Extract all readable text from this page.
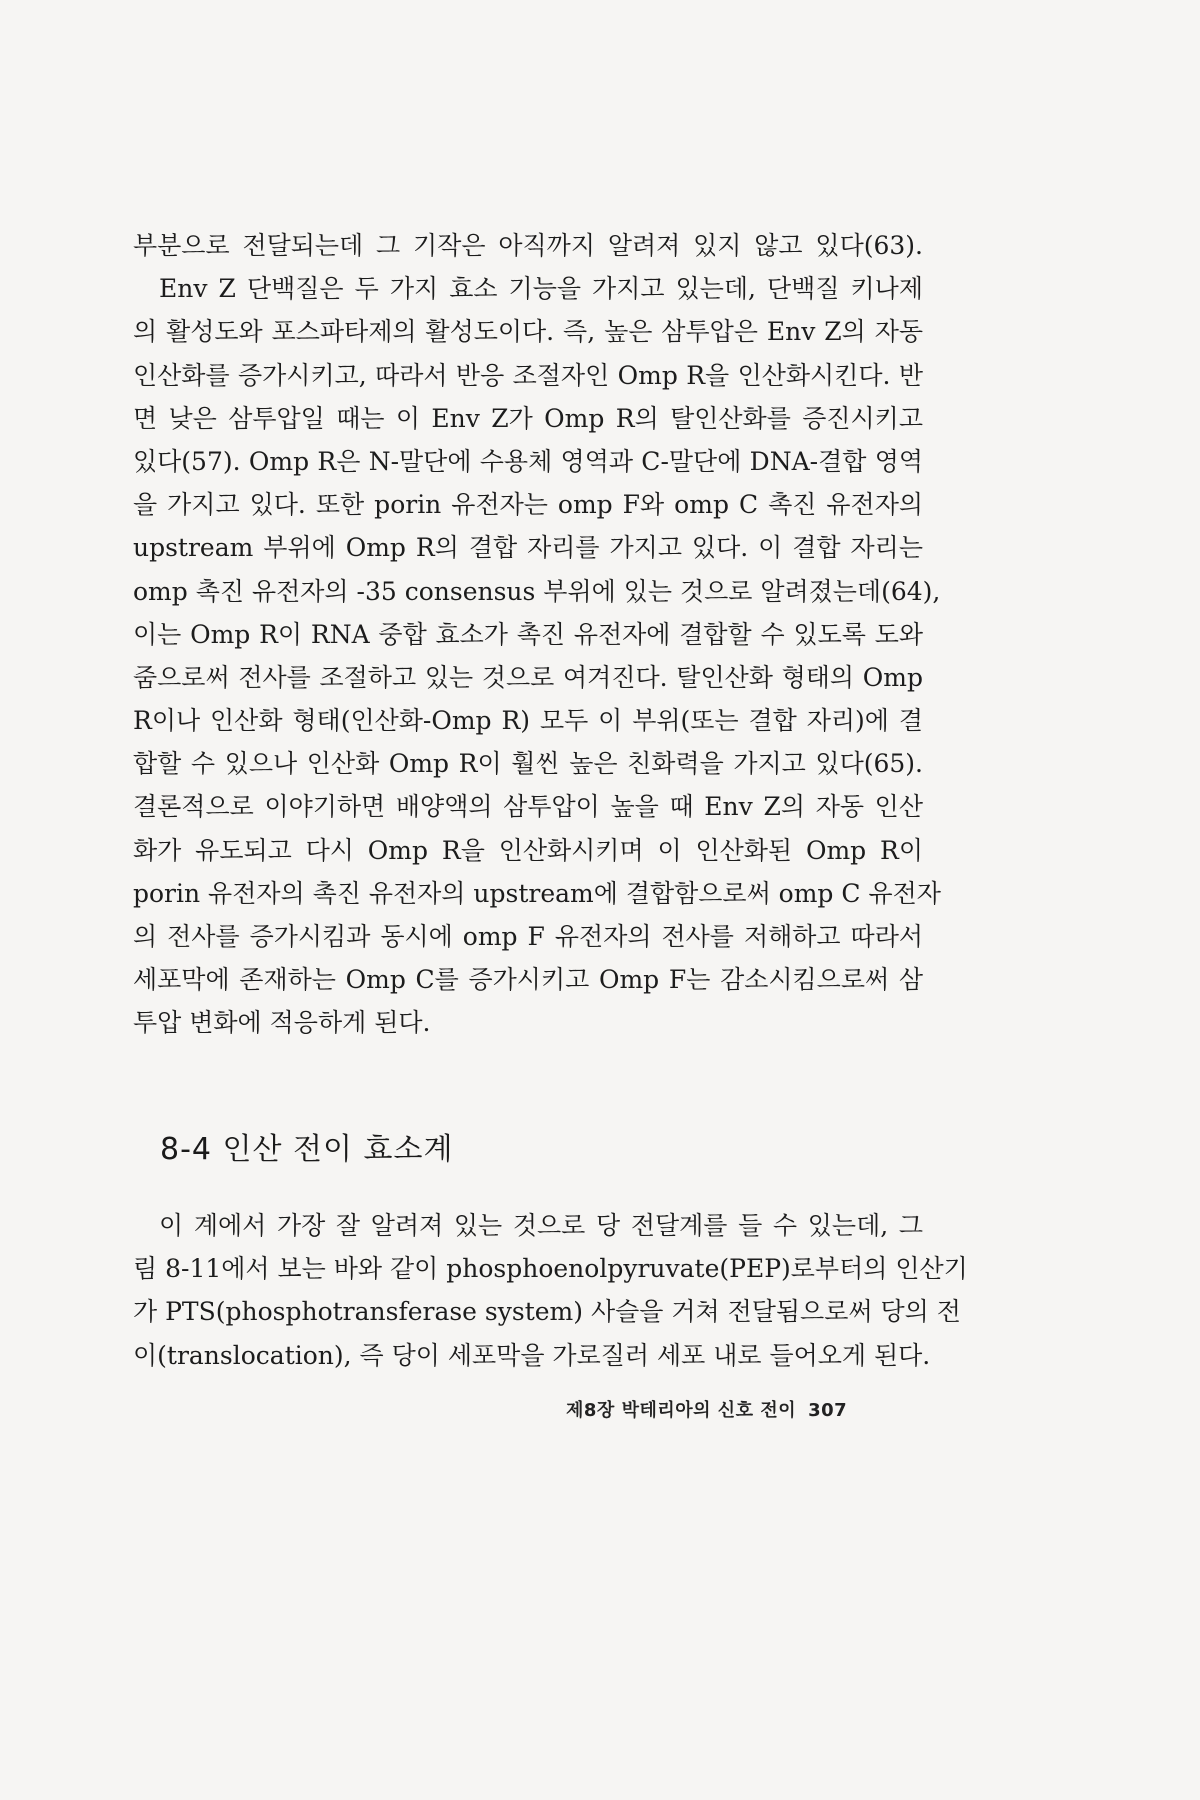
부분으로 전달되는데 그 기작은 아직까지 알려져 있지 않고 있다(63).
Env Z 단백질은 두 가지 효소 기능을 가지고 있는데, 단백질 키나제
의 활성도와 포스파타제의 활성도이다. 즉, 높은 삼투압은 Env Z의 자동
인산화를 증가시키고, 따라서 반응 조절자인 Omp R을 인산화시킨다. 반
면 낮은 삼투압일 때는 이 Env Z가 Omp R의 탈인산화를 증진시키고
있다(57). Omp R은 N-말단에 수용체 영역과 C-말단에 DNA-결합 영역
을 가지고 있다. 또한 porin 유전자는 omp F와 omp C 촉진 유전자의
upstream 부위에 Omp R의 결합 자리를 가지고 있다. 이 결합 자리는
omp 촉진 유전자의 -35 consensus 부위에 있는 것으로 알려졌는데(64),
이는 Omp R이 RNA 중합 효소가 촉진 유전자에 결합할 수 있도록 도와
줌으로써 전사를 조절하고 있는 것으로 여겨진다. 탈인산화 형태의 Omp
R이나 인산화 형태(인산화-Omp R) 모두 이 부위(또는 결합 자리)에 결
합할 수 있으나 인산화 Omp R이 훨씬 높은 친화력을 가지고 있다(65).
결론적으로 이야기하면 배양액의 삼투압이 높을 때 Env Z의 자동 인산
화가 유도되고 다시 Omp R을 인산화시키며 이 인산화된 Omp R이
porin 유전자의 촉진 유전자의 upstream에 결합함으로써 omp C 유전자
의 전사를 증가시킴과 동시에 omp F 유전자의 전사를 저해하고 따라서
세포막에 존재하는 Omp C를 증가시키고 Omp F는 감소시킴으로써 삼
투압 변화에 적응하게 된다.
8-4 인산 전이 효소계
이 계에서 가장 잘 알려져 있는 것으로 당 전달계를 들 수 있는데, 그
림 8-11에서 보는 바와 같이 phosphoenolpyruvate(PEP)로부터의 인산기
가 PTS(phosphotransferase system) 사슬을 거쳐 전달됨으로써 당의 전
이(translocation), 즉 당이 세포막을 가로질러 세포 내로 들어오게 된다.
제8장 박테리아의 신호 전이 307
